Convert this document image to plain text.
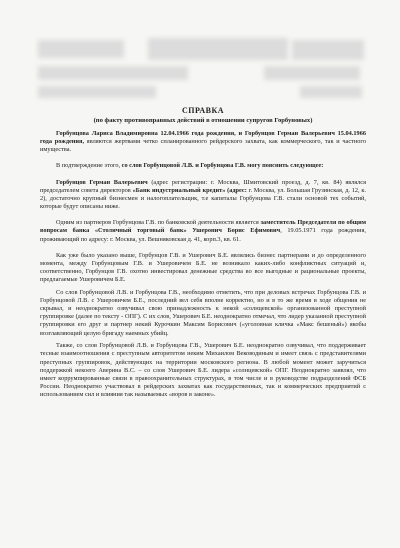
СПРАВКА
(по факту противоправных действий в отношении супругов Горбуновых)

Горбунцова Лариса Владимировна 12.04.1966 года рождения, и Горбунцов Герман Валерьевич 15.04.1966 года рождения, являются жертвами четко спланированного рейдерского захвата, как коммерческого, так и частного имущества.

В подтверждение этого, со слов Горбунцовой Л.В. и Горбунцова Г.В. могу пояснить следующее:

Горбунцов Герман Валерьевич (адрес регистрации: г. Москва, Шмитовский проезд, д. 7, кв. 84) являлся председателем совета директоров «Банк индустриальный кредит» (адрес: г. Москва, ул. Большая Грузинская, д. 12, к. 2), достаточно крупный бизнесмен и налогоплательщик, т.е капиталы Горбунцова Г.В. стали основой тех событий, которые будут описаны ниже.

Одним из партнеров Горбунцова Г.В. по банковской деятельности является заместитель Председателя по общим вопросам банка «Столичный торговый банк» Ушеронич Борис Ефимович, 19.05.1971 года рождения, проживающий по адресу: г. Москва, ул. Вешняковская д. 41, корп.3, кв. 61.

Как уже было указано выше, Горбунцов Г.В. и Ушерович Б.Е. являлись бизнес партнерами и до определенного момента, между Горбунцовым Г.В. и Ушеровичем Б.Е. не возникало каких-либо конфликтных ситуаций и, соответственно, Горбунцов Г.В. охотно инвестировал денежные средства во все выгодные и рациональные проекты, предлагаемые Ушеровичем Б.Е.

Со слов Горбунцовой Л.В. и Горбунцова Г.В., необходимо отметить, что при деловых встречах Горбунцова Г.В. и Горбунцовой Л.В. с Ушеровичем Б.Е., последний вел себя вполне корректно, но и в то же время в ходе общения не скрывал, и неоднократно озвучивал свою принадлежность к некой «солнцевской» организованной преступной группировке (далее по тексту - ОПГ). С их слов, Ушерович Б.Е. неоднократно отмечал, что лидер указанной преступной группировки его друг и партнер некий Курочкин Максим Борисович («уголовная кличка «Макс бешеный») якобы возглавляющий целую бригаду наемных убийц.

Также, со слов Горбунцовой Л.В. и Горбунцова Г.В., Ушерович Б.Е. неоднократно озвучивал, что поддерживает тесные взаимоотношения с преступным авторитетом неким Михаилом Веководиным и имеет связь с представителями преступных группировок, действующих на территории московского региона. В любой момент может заручиться поддержкой некоего Аверина В.С. – со слов Ушерович Б.Е. лидера «солнцевской» ОПГ. Неоднократно заявлял, что имеет коррумпированные связи в правоохранительных структурах, в том числе и в руководстве подразделений ФСБ России. Неоднократно участвовал в рейдерских захватах как государственных, так и коммерческих предприятий с использованием сил и влияния так называемых «воров в законе».
